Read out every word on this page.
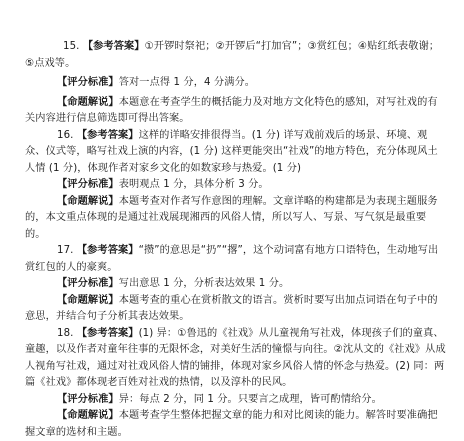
15. 【参考答案】①开锣时祭祀；②开锣后“打加官”；③赏红包；④贴红纸表敬谢；⑤点戏等。

【评分标准】答对一点得 1 分，4 分满分。

【命题解说】本题意在考查学生的概括能力及对地方文化特色的感知，对写社戏的有关内容进行信息筛选即可得出答案。

16. 【参考答案】这样的详略安排很得当。(1 分) 详写戏前戏后的场景、环境、观众、仪式等，略写社戏上演的内容，(1 分) 这样更能突出“社戏”的地方特色，充分体现风土人情 (1 分)，体现作者对家乡文化的如数家珍与热爱。(1 分)

【评分标准】表明观点 1 分，具体分析 3 分。

【命题解说】本题考查对作者写作意图的理解。文章详略的构建都是为表现主题服务的，本文重点体现的是通过社戏展现湘西的风俗人情，所以写人、写景、写气氛是最重要的。

17. 【参考答案】“攒”的意思是“扔”“撂”，这个动词富有地方口语特色，生动地写出赏红包的人的豪爽。

【评分标准】写出意思 1 分，分析表达效果 1 分。

【命题解说】本题考查的重心在赏析散文的语言。赏析时要写出加点词语在句子中的意思，并结合句子分析其表达效果。

18. 【参考答案】(1) 异：①鲁迅的《社戏》从儿童视角写社戏，体现孩子们的童真、童趣，以及作者对童年往事的无限怀念，对美好生活的憧憬与向往。②沈从文的《社戏》从成人视角写社戏，通过对社戏风俗人情的铺排，体现对家乡风俗人情的怀念与热爱。(2) 同：两篇《社戏》都体现老百姓对社戏的热情，以及淳朴的民风。

【评分标准】异：每点 2 分，同 1 分。只要言之成理，皆可酌情给分。

【命题解说】本题考查学生整体把握文章的能力和对比阅读的能力。解答时要准确把握文章的选材和主题。
